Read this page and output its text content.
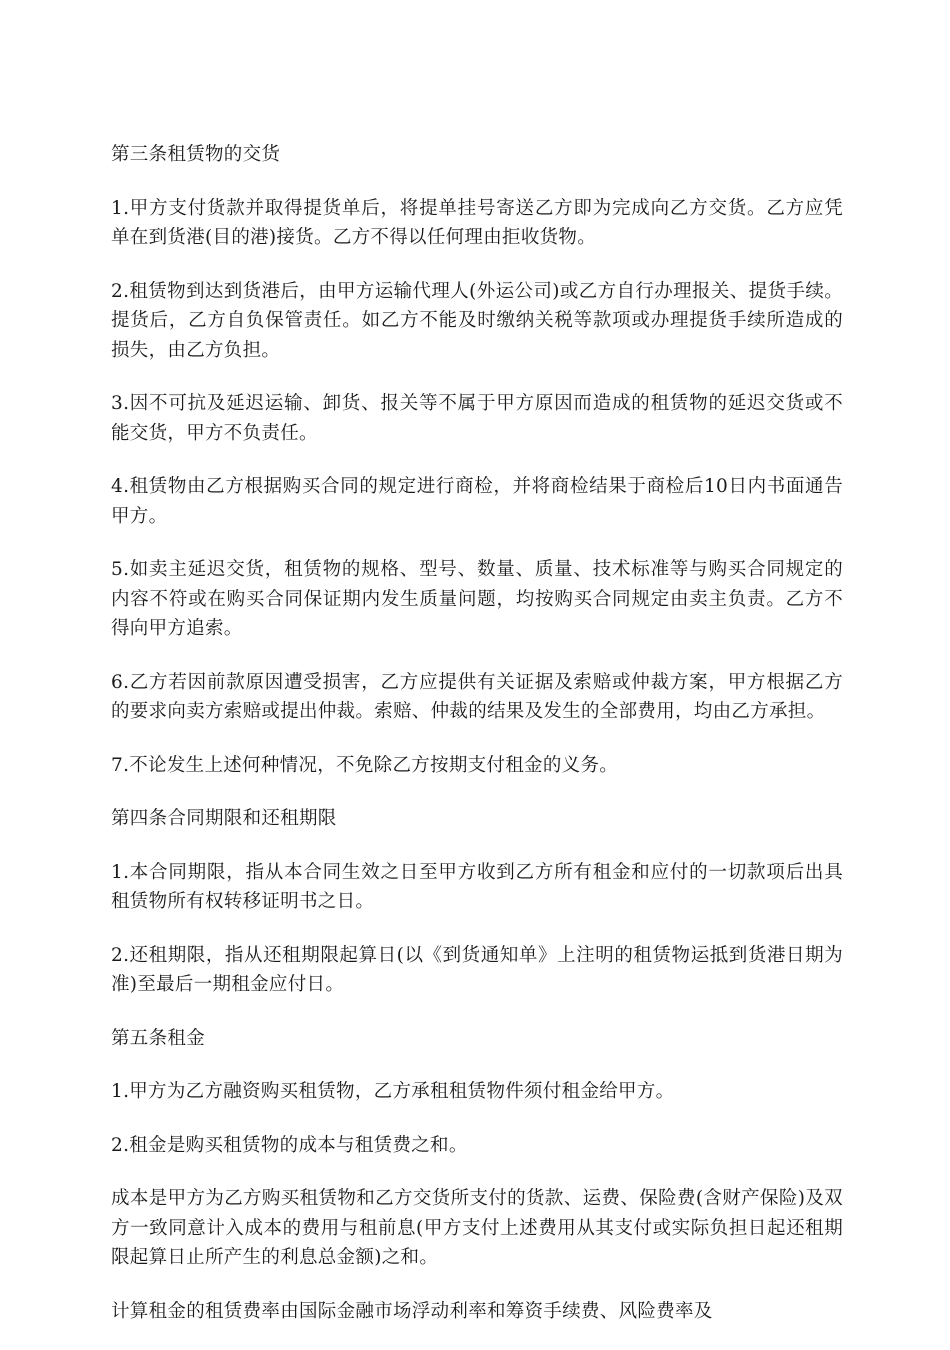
第三条租赁物的交货
1.甲方支付货款并取得提货单后，将提单挂号寄送乙方即为完成向乙方交货。乙方应凭单在到货港(目的港)接货。乙方不得以任何理由拒收货物。
2.租赁物到达到货港后，由甲方运输代理人(外运公司)或乙方自行办理报关、提货手续。提货后，乙方自负保管责任。如乙方不能及时缴纳关税等款项或办理提货手续所造成的损失，由乙方负担。
3.因不可抗及延迟运输、卸货、报关等不属于甲方原因而造成的租赁物的延迟交货或不能交货，甲方不负责任。
4.租赁物由乙方根据购买合同的规定进行商检，并将商检结果于商检后10日内书面通告甲方。
5.如卖主延迟交货，租赁物的规格、型号、数量、质量、技术标准等与购买合同规定的内容不符或在购买合同保证期内发生质量问题，均按购买合同规定由卖主负责。乙方不得向甲方追索。
6.乙方若因前款原因遭受损害，乙方应提供有关证据及索赔或仲裁方案，甲方根据乙方的要求向卖方索赔或提出仲裁。索赔、仲裁的结果及发生的全部费用，均由乙方承担。
7.不论发生上述何种情况，不免除乙方按期支付租金的义务。
第四条合同期限和还租期限
1.本合同期限，指从本合同生效之日至甲方收到乙方所有租金和应付的一切款项后出具租赁物所有权转移证明书之日。
2.还租期限，指从还租期限起算日(以《到货通知单》上注明的租赁物运抵到货港日期为准)至最后一期租金应付日。
第五条租金
1.甲方为乙方融资购买租赁物，乙方承租租赁物件须付租金给甲方。
2.租金是购买租赁物的成本与租赁费之和。
成本是甲方为乙方购买租赁物和乙方交货所支付的货款、运费、保险费(含财产保险)及双方一致同意计入成本的费用与租前息(甲方支付上述费用从其支付或实际负担日起还租期限起算日止所产生的利息总金额)之和。
计算租金的租赁费率由国际金融市场浮动利率和筹资手续费、风险费率及
